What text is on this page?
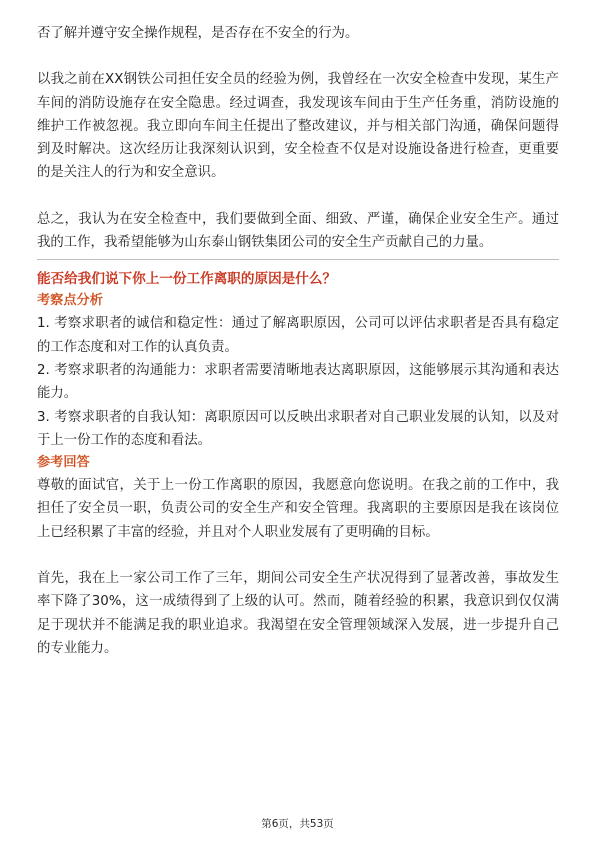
否了解并遵守安全操作规程，是否存在不安全的行为。

以我之前在XX钢铁公司担任安全员的经验为例，我曾经在一次安全检查中发现，某生产车间的消防设施存在安全隐患。经过调查，我发现该车间由于生产任务重，消防设施的维护工作被忽视。我立即向车间主任提出了整改建议，并与相关部门沟通，确保问题得到及时解决。这次经历让我深刻认识到，安全检查不仅是对设施设备进行检查，更重要的是关注人的行为和安全意识。

总之，我认为在安全检查中，我们要做到全面、细致、严谨，确保企业安全生产。通过我的工作，我希望能够为山东泰山钢铁集团公司的安全生产贡献自己的力量。

能否给我们说下你上一份工作离职的原因是什么？

考察点分析

1. 考察求职者的诚信和稳定性：通过了解离职原因，公司可以评估求职者是否具有稳定的工作态度和对工作的认真负责。

2. 考察求职者的沟通能力：求职者需要清晰地表达离职原因，这能够展示其沟通和表达能力。

3. 考察求职者的自我认知：离职原因可以反映出求职者对自己职业发展的认知，以及对于上一份工作的态度和看法。

参考回答

尊敬的面试官，关于上一份工作离职的原因，我愿意向您说明。在我之前的工作中，我担任了安全员一职，负责公司的安全生产和安全管理。我离职的主要原因是我在该岗位上已经积累了丰富的经验，并且对个人职业发展有了更明确的目标。

首先，我在上一家公司工作了三年，期间公司安全生产状况得到了显著改善，事故发生率下降了30%，这一成绩得到了上级的认可。然而，随着经验的积累，我意识到仅仅满足于现状并不能满足我的职业追求。我渴望在安全管理领域深入发展，进一步提升自己的专业能力。

第6页，共53页
